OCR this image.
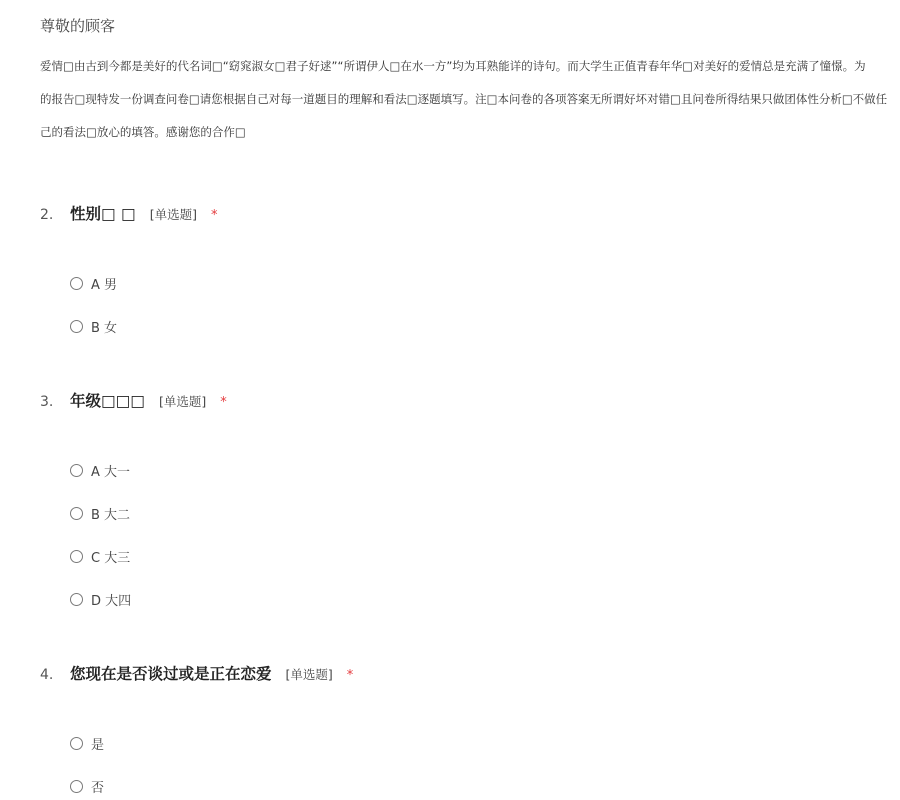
尊敬的顾客
爱情□由古到今都是美好的代名词□“窈窕淑女□君子好逑”“所谓伊人□在水一方”均为耳熟能详的诗句。而大学生正值青春年华□对美好的爱情总是充满了憧憬。为
的报告□现特发一份调查问卷□请您根据自己对每一道题目的理解和看法□逐题填写。注□本问卷的各项答案无所谓好坏对错□且问卷所得结果只做团体性分析□不做任
己的看法□放心的填答。感谢您的合作□
2.	性别□ □ [单选题] *
A 男
B 女
3.	年级□□□ [单选题] *
A 大一
B 大二
C 大三
D 大四
4.	您现在是否谈过或是正在恋爱 [单选题] *
是
否
